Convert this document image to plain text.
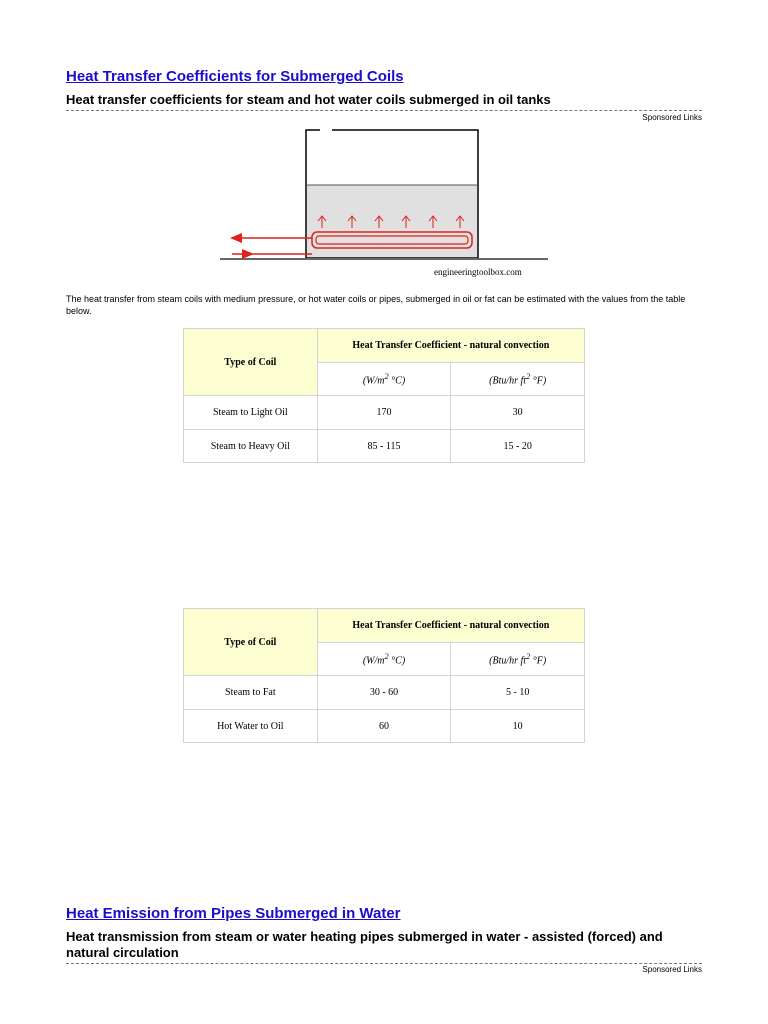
Heat Transfer Coefficients for Submerged Coils
Heat transfer coefficients for steam and hot water coils submerged in oil tanks
Sponsored Links
engineeringtoolbox.com
The heat transfer from steam coils with medium pressure, or hot water coils or pipes, submerged in oil or fat can be estimated with the values from the table below.
Type of Coil	Heat Transfer Coefficient - natural convection	
	($W/m^2$ °C)	(Btu/hr $ft^2$ °F)
Steam to Light Oil	170	30
Steam to Heavy Oil	85 - 115	15 - 20
Type of Coil	Heat Transfer Coefficient - natural convection	
	($W/m^2$ °C)	(Btu/hr $ft^2$ °F)
Steam to Fat	30 - 60	5 - 10
Hot Water to Oil	60	10
Heat Emission from Pipes Submerged in Water
Heat transmission from steam or water heating pipes submerged in water - assisted (forced) and natural circulation
Sponsored Links
